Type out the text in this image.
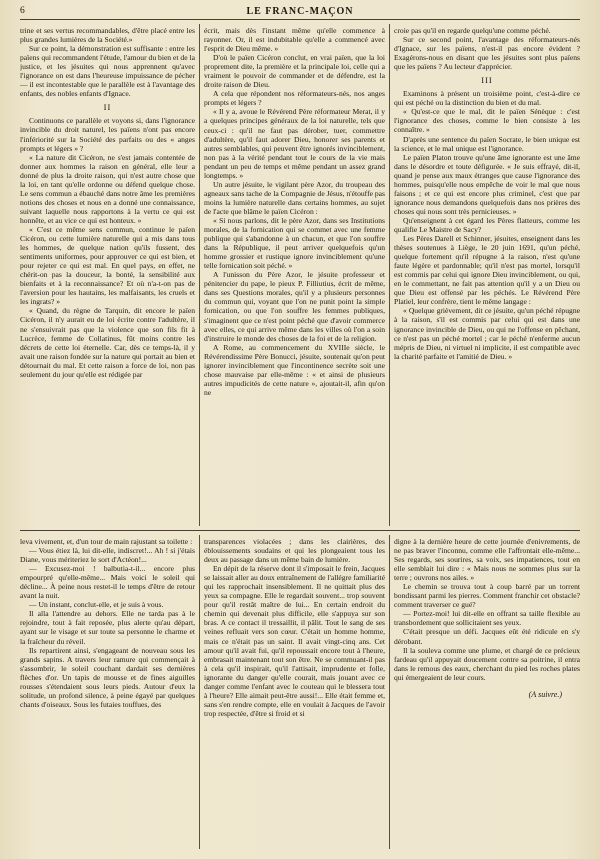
6	LE FRANC-MAÇON

trine et ses vertus recommandables, d'être placé entre les plus grandes lumières de la Société.»

Sur ce point, la démonstration est suffisante : entre les païens qui recommandent l'étude, l'amour du bien et de la justice, et les jésuites qui nous apprennent qu'avec l'ignorance on est dans l'heureuse impuissance de pécher — il est incontestable que le parallèle est à l'avantage des enfants, des nobles enfants d'Ignace.

II

Continuons ce parallèle et voyons si, dans l'ignorance invincible du droit naturel, les païens n'ont pas encore l'infériorité sur la Société des parfaits ou des « anges prompts et légers » ?

« La nature dit Cicéron, ne s'est jamais contentée de donner aux hommes la raison en général, elle leur a donné de plus la droite raison, qui n'est autre chose que la loi, en tant qu'elle ordonne ou défend quelque chose. Le sens commun a ébauché dans notre âme les premières notions des choses et nous en a donné une connaissance, suivant laquelle nous rapportons à la vertu ce qui est honnête, et au vice ce qui est honteux. »

« C'est ce même sens commun, continue le païen Cicéron, ou cette lumière naturelle qui a mis dans tous les hommes, de quelque nation qu'ils fussent, des sentiments uniformes, pour approuver ce qui est bien, et pour rejeter ce qui est mal. En quel pays, en effet, ne chérit-on pas la douceur, la bonté, la sensibilité aux bienfaits et à la reconnaissance? Et où n'a-t-on pas de l'aversion pour les hautains, les malfaisants, les cruels et les ingrats? »

« Quand, du règne de Tarquin, dit encore le païen Cicéron, il n'y aurait eu de loi écrite contre l'adultère, il ne s'ensuivrait pas que la violence que son fils fit à Lucrèce, femme de Collatinus, fût moins contre les décrets de cette loi éternelle. Car, dès ce temps-là, il y avait une raison fondée sur la nature qui portait au bien et détournait du mal. Et cette raison a force de loi, non pas seulement du jour qu'elle est rédigée par

écrit, mais dès l'instant même qu'elle commence à rayonner. Or, il est indubitable qu'elle a commencé avec l'esprit de Dieu même. »

D'où le païen Cicéron conclut, en vrai païen, que la loi proprement dite, la première et la principale loi, celle qui a vraiment le pouvoir de commander et de défendre, est la droite raison de Dieu.

A cela que répondent nos réformateurs-nés, nos anges prompts et légers ?

« Il y a, avoue le Révérend Père réformateur Merat, il y a quelques principes généraux de la loi naturelle, tels que ceux-ci : qu'il ne faut pas dérober, tuer, commettre d'adultère, qu'il faut adorer Dieu, honorer ses parents et autres semblables, qui peuvent être ignorés invinciblement, non pas à la vérité pendant tout le cours de la vie mais pendant un peu de temps et même pendant un assez grand longtemps. »

Un autre jésuite, le vigilant père Azor, du troupeau des agneaux sans tache de la Compagnie de Jésus, n'étouffe pas moins la lumière naturelle dans certains hommes, au sujet de l'acte que blâme le païen Cicéron :

« Si nous parlons, dit le père Azor, dans ses Institutions morales, de la fornication qui se commet avec une femme publique qui s'abandonne à un chacun, et que l'on souffre dans la République, il peut arriver quelquefois qu'un homme grossier et rustique ignore invinciblement qu'une telle fornication soit péché. »

A l'unisson du Père Azor, le jésuite professeur et pénitencier du pape, le pieux P. Filliutius, écrit de même, dans ses Questions morales, qu'il y a plusieurs personnes du commun qui, voyant que l'on ne punit point la simple fornication, ou que l'on souffre les femmes publiques, s'imaginent que ce n'est point péché que d'avoir commerce avec elles, ce qui arrive même dans les villes où l'on a soin d'instruire le monde des choses de la foi et de la religion.

A Rome, au commencement du XVIIIe siècle, le Révérendissime Père Bonucci, jésuite, soutenait qu'on peut ignorer invinciblement que l'incontinence secrète soit une chose mauvaise par elle-même : « et ainsi de plusieurs autres impudicités de cette nature », ajoutait-il, afin qu'on ne

croie pas qu'il en regarde quelqu'une comme péché.

Sur ce second point, l'avantage des réformateurs-nés d'Ignace, sur les païens, n'est-il pas encore évident ? Exagérons-nous en disant que les jésuites sont plus païens que les païens ? Au lecteur d'apprécier.

III

Examinons à présent un troisième point, c'est-à-dire ce qui est péché ou la distinction du bien et du mal.

« Qu'est-ce que le mal, dit le païen Sénèque : c'est l'ignorance des choses, comme le bien consiste à les connaître. »

D'après une sentence du païen Socrate, le bien unique est la science, et le mal unique est l'ignorance.

Le païen Platon trouve qu'une âme ignorante est une âme dans le désordre et toute défigurée. « Je suis effrayé, dit-il, quand je pense aux maux étranges que cause l'ignorance des hommes, puisqu'elle nous empêche de voir le mal que nous faisons ; et ce qui est encore plus criminel, c'est que par ignorance nous demandons quelquefois dans nos prières des choses qui nous sont très pernicieuses. »

Qu'enseignent à cet égard les Pères flatteurs, comme les qualifie Le Maistre de Sacy?

Les Pères Darell et Schinner, jésuites, enseignent dans les thèses soutenues à Liège, le 20 juin 1691, qu'un péché, quelque fortement qu'il répugne à la raison, n'est qu'une faute légère et pardonnable; qu'il n'est pas mortel, lorsqu'il est commis par celui qui ignore Dieu invinciblement, ou qui, en le commettant, ne fait pas attention qu'il y a un Dieu ou que Dieu est offensé par les péchés. Le Révérend Père Platiel, leur confrère, tient le même langage :

« Quelque grièvement, dit ce jésuite, qu'un péché répugne à la raison, s'il est commis par celui qui est dans une ignorance invincible de Dieu, ou qui ne l'offense en pêchant, ce n'est pas un péché mortel ; car le péché n'enferme aucun mépris de Dieu, ni virtuel ni implicite, il est compatible avec la charité parfaite et l'amitié de Dieu. »

leva vivement, et, d'un tour de main rajustant sa toilette :

— Vous étiez là, lui dit-elle, indiscret!... Ah ! si j'étais Diane, vous mériteriez le sort d'Actéon!...

— Excusez-moi ! balbutia-t-il... encore plus empourpré qu'elle-même... Mais voici le soleil qui décline... À peine nous restet-il le temps d'être de retour avant la nuit.

— Un instant, conclut-elle, et je suis à vous.

Il alla l'attendre au dehors. Elle ne tarda pas à le rejoindre, tout à fait reposée, plus alerte qu'au départ, ayant sur le visage et sur toute sa personne le charme et la fraîcheur du réveil.

Ils repartirent ainsi, s'engageant de nouveau sous les grands sapins. A travers leur ramure qui commençait à s'assombrir, le soleil couchant dardait ses dernières flèches d'or. Un tapis de mousse et de fines aiguilles rousses s'étendaient sous leurs pieds. Autour d'eux la solitude, un profond silence, à peine égayé par quelques chants d'oiseaux. Sous les futaies touffues, des

transparences violacées ; dans les clairières, des éblouissements soudains et qui les plongeaient tous les deux au passage dans un même bain de lumière.

En dépit de la réserve dont il s'imposait le frein, Jacques se laissait aller au doux entraînement de l'allégre familiarité qui les rapprochait insensiblement. Il ne quittait plus des yeux sa compagne. Elle le regardait souvent... trop souvent pour qu'il restât maître de lui... En certain endroit du chemin qui devenait plus difficile, elle s'appuya sur son bras. A ce contact il tressaillit, il pâlit. Tout le sang de ses veines refluait vers son cœur. C'était un homme homme, mais ce n'était pas un saint. Il avait vingt-cinq ans. Cet amour qu'il avait fui, qu'il repoussait encore tout à l'heure, embrasait maintenant tout son être. Ne se commuant-il pas à cela qu'il inspirait, qu'il l'attisait, imprudente et folle, ignorante du danger qu'elle courait, mais jouant avec ce danger comme l'enfant avec le couteau qui le blessera tout à l'heure? Elle aimait peut-être aussi!... Elle était femme et, sans s'en rendre compte, elle en voulait à Jacques de l'avoir trop respectée, d'être si froid et si

digne à la dernière heure de cette journée d'enivrements, de ne pas braver l'inconnu, comme elle l'affrontait elle-même... Ses regards, ses sourires, sa voix, ses impatiences, tout en elle semblait lui dire : « Mais nous ne sommes plus sur la terre ; ouvrons nos ailes. »

Le chemin se trouva tout à coup barré par un torrent bondissant parmi les pierres. Comment franchir cet obstacle? comment traverser ce gué?

— Portez-moi! lui dit-elle en offrant sa taille flexible au transbordement que sollicitaient ses yeux.

C'était presque un défi. Jacques eût été ridicule en s'y dérobant.

Il la souleva comme une plume, et chargé de ce précieux fardeau qu'il appuyait doucement contre sa poitrine, il entra dans le remous des eaux, cherchant du pied les roches plates qui émergeaient de leur cours.

(A suivre.)
